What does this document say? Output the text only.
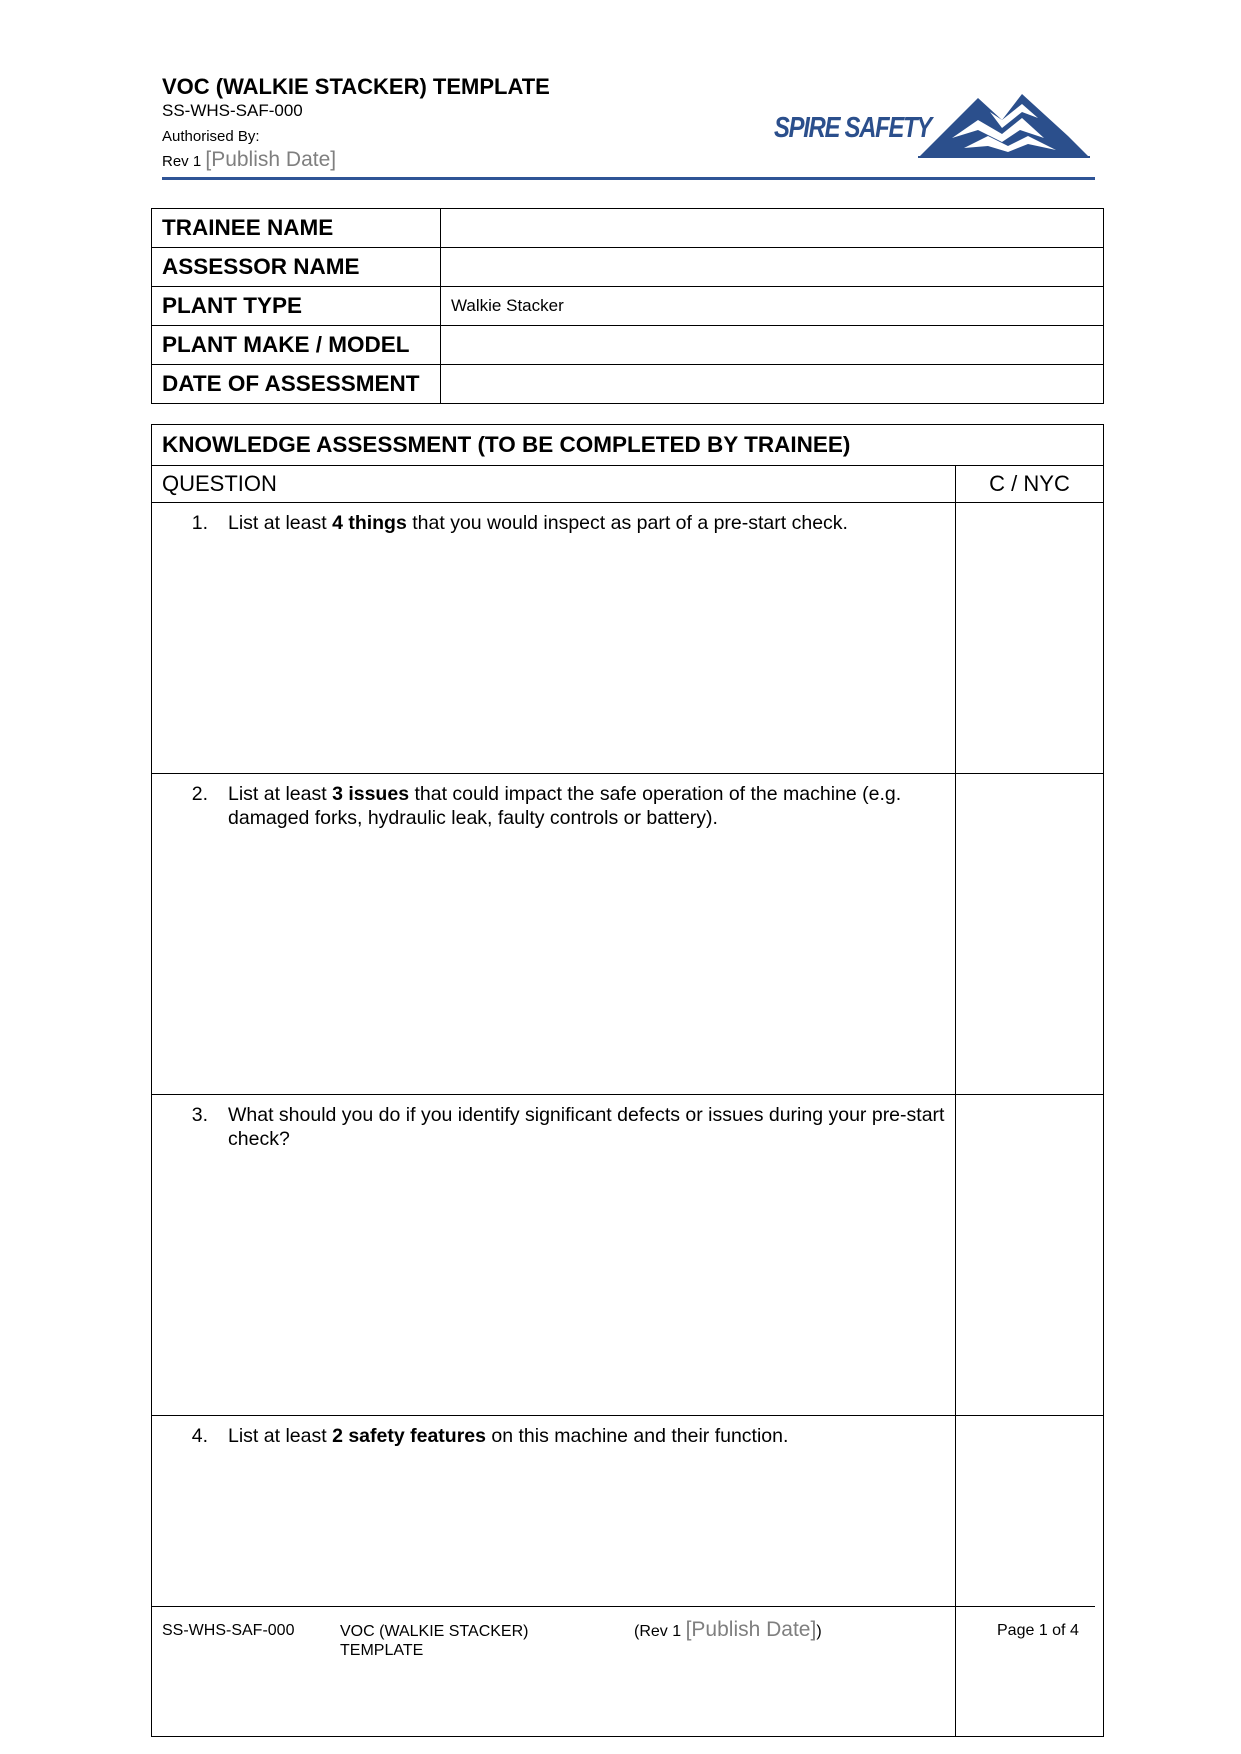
VOC (WALKIE STACKER) TEMPLATE
SS-WHS-SAF-000
Authorised By:
Rev 1 [Publish Date]
SPIRE SAFETY
TRAINEE NAME	
ASSESSOR NAME	
PLANT TYPE	Walkie Stacker
PLANT MAKE / MODEL	
DATE OF ASSESSMENT	
KNOWLEDGE ASSESSMENT (TO BE COMPLETED BY TRAINEE)	
QUESTION	C / NYC

1. List at least 4 things that you would inspect as part of a pre-start check.	

2. List at least 3 issues that could impact the safe operation of the machine (e.g. damaged forks, hydraulic leak, faulty controls or battery).	

3. What should you do if you identify significant defects or issues during your pre-start check?	

4. List at least 2 safety features on this machine and their function.	

SS-WHS-SAF-000	VOC (WALKIE STACKER) TEMPLATE
(Rev 1 [Publish Date])	Page 1 of 4
